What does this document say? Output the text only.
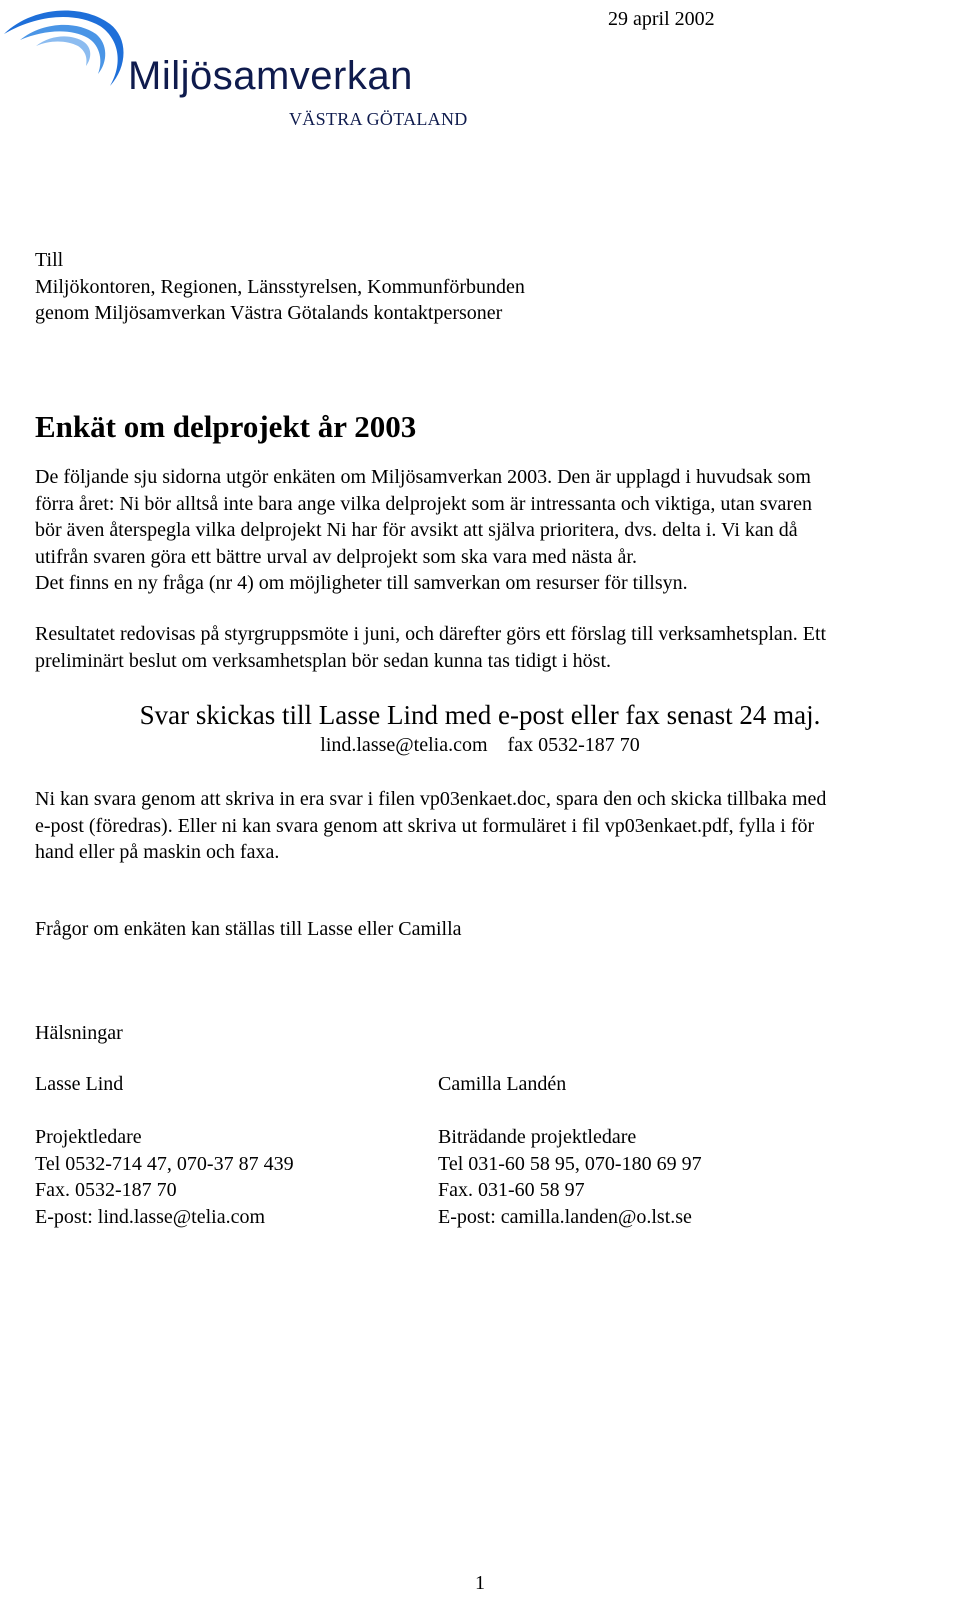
Miljösamverkan
VÄSTRA GÖTALAND
29 april 2002
Till
Miljökontoren, Regionen, Länsstyrelsen, Kommunförbunden
genom Miljösamverkan Västra Götalands kontaktpersoner
Enkät om delprojekt år 2003
De följande sju sidorna utgör enkäten om Miljösamverkan 2003. Den är upplagd i huvudsak som
förra året: Ni bör alltså inte bara ange vilka delprojekt som är intressanta och viktiga, utan svaren
bör även återspegla vilka delprojekt Ni har för avsikt att själva prioritera, dvs. delta i. Vi kan då
utifrån svaren göra ett bättre urval av delprojekt som ska vara med nästa år.
Det finns en ny fråga (nr 4) om möjligheter till samverkan om resurser för tillsyn.
Resultatet redovisas på styrgruppsmöte i juni, och därefter görs ett förslag till verksamhetsplan. Ett
preliminärt beslut om verksamhetsplan bör sedan kunna tas tidigt i höst.
Svar skickas till Lasse Lind med e-post eller fax senast 24 maj.
lind.lasse@telia.com    fax 0532-187 70
Ni kan svara genom att skriva in era svar i filen vp03enkaet.doc, spara den och skicka tillbaka med
e-post (föredras). Eller ni kan svara genom att skriva ut formuläret i fil vp03enkaet.pdf, fylla i för
hand eller på maskin och faxa.
Frågor om enkäten kan ställas till Lasse eller Camilla
Hälsningar
Lasse Lind

Projektledare
Tel 0532-714 47, 070-37 87 439
Fax. 0532-187 70
E-post: lind.lasse@telia.com
Camilla Landén

Biträdande projektledare
Tel 031-60 58 95, 070-180 69 97
Fax. 031-60 58 97
E-post: camilla.landen@o.lst.se
1
